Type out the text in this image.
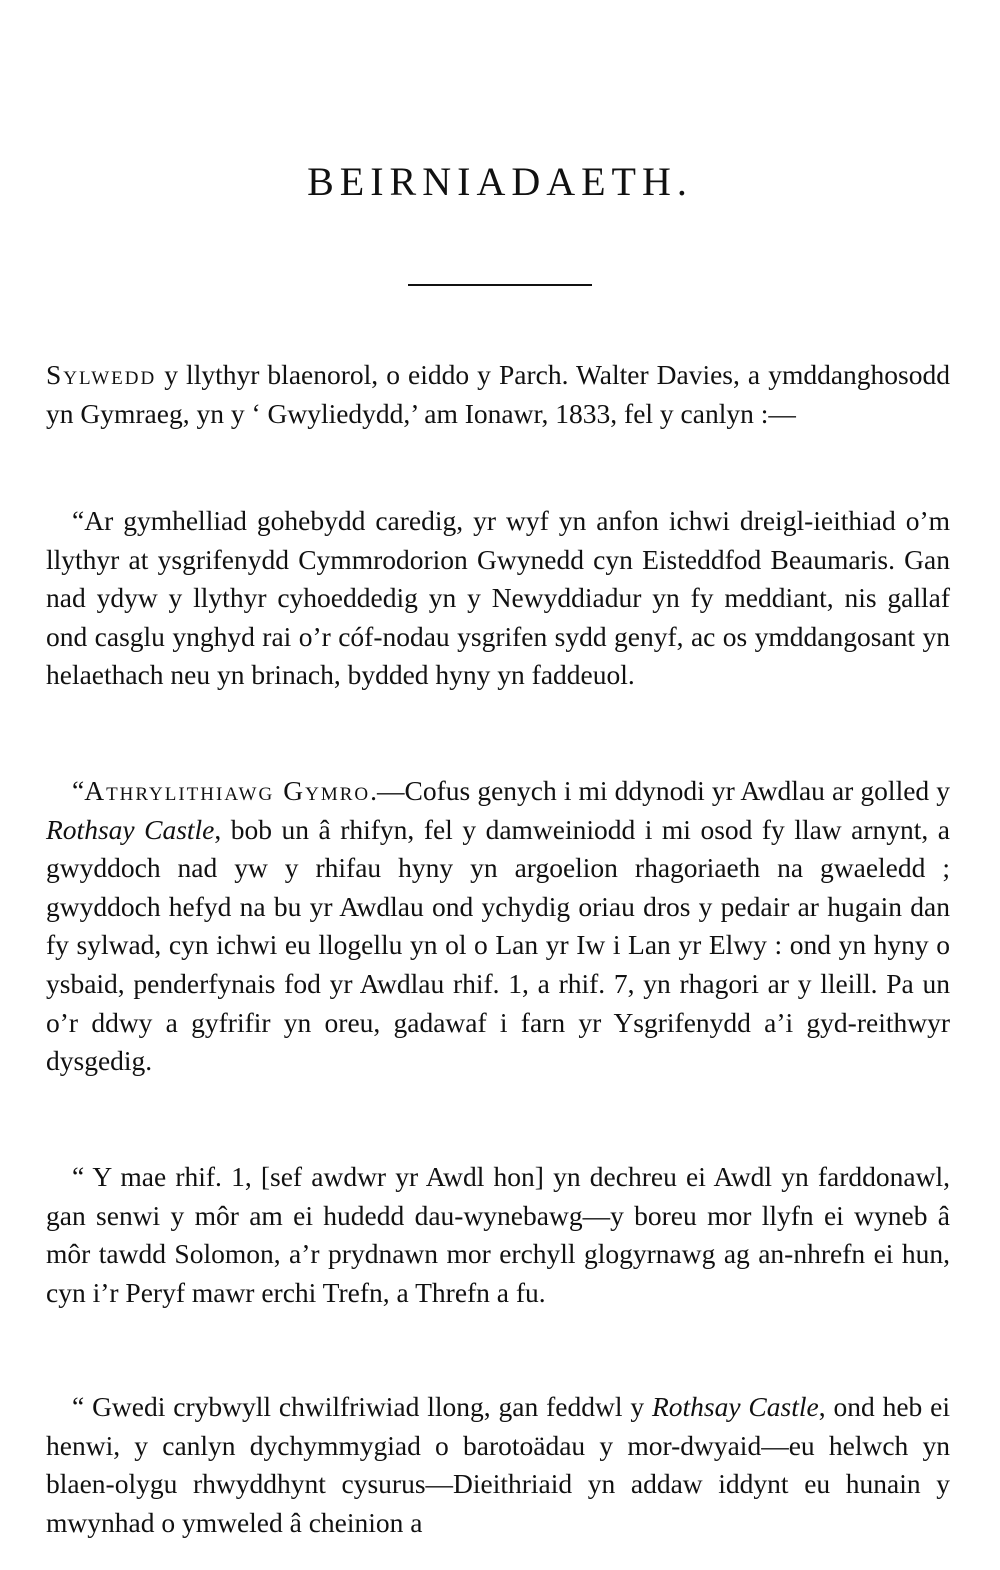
BEIRNIADAETH.

Sylwedd y llythyr blaenorol, o eiddo y Parch. Walter Davies, a ymddanghosodd yn Gymraeg, yn y ‘ Gwyliedydd,’ am Ionawr, 1833, fel y canlyn :—

“Ar gymhelliad gohebydd caredig, yr wyf yn anfon ichwi dreigl-ieithiad o’m llythyr at ysgrifenydd Cymmrodorion Gwynedd cyn Eisteddfod Beaumaris. Gan nad ydyw y llythyr cyhoeddedig yn y Newyddiadur yn fy meddiant, nis gallaf ond casglu ynghyd rai o’r cóf-nodau ysgrifen sydd genyf, ac os ymddangosant yn helaethach neu yn brinach, bydded hyny yn faddeuol.

“Athrylithiawg Gymro.—Cofus genych i mi ddynodi yr Awdlau ar golled y Rothsay Castle, bob un â rhifyn, fel y damweiniodd i mi osod fy llaw arnynt, a gwyddoch nad yw y rhifau hyny yn argoelion rhagoriaeth na gwaeledd ; gwyddoch hefyd na bu yr Awdlau ond ychydig oriau dros y pedair ar hugain dan fy sylwad, cyn ichwi eu llogellu yn ol o Lan yr Iw i Lan yr Elwy : ond yn hyny o ysbaid, penderfynais fod yr Awdlau rhif. 1, a rhif. 7, yn rhagori ar y lleill. Pa un o’r ddwy a gyfrifir yn oreu, gadawaf i farn yr Ysgrifenydd a’i gyd-reithwyr dysgedig.

“ Y mae rhif. 1, [sef awdwr yr Awdl hon] yn dechreu ei Awdl yn farddonawl, gan senwi y môr am ei hudedd dau-wynebawg—y boreu mor llyfn ei wyneb â môr tawdd Solomon, a’r prydnawn mor erchyll glogyrnawg ag an-nhrefn ei hun, cyn i’r Peryf mawr erchi Trefn, a Threfn a fu.

“ Gwedi crybwyll chwilfriwiad llong, gan feddwl y Rothsay Castle, ond heb ei henwi, y canlyn dychymmygiad o barotoädau y mor-dwyaid—eu helwch yn blaen-olygu rhwyddhynt cysurus—Dieithriaid yn addaw iddynt eu hunain y mwynhad o ymweled â cheinion a
